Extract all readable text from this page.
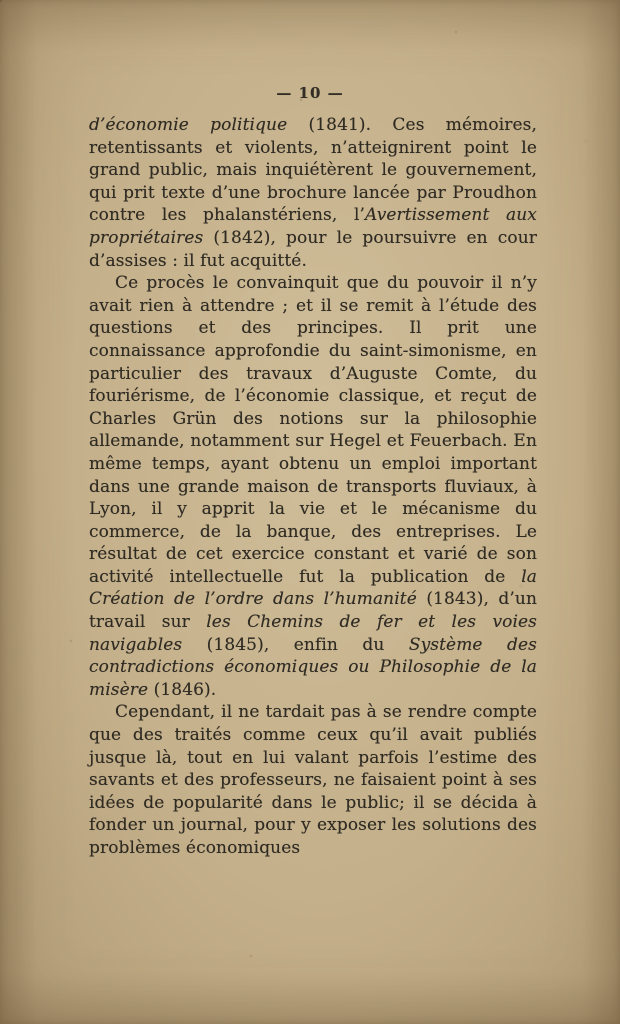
— 10 —

d’économie politique (1841). Ces mémoires, retentissants et violents, n’atteignirent point le grand public, mais inquiétèrent le gouvernement, qui prit texte d’une brochure lancée par Proudhon contre les phalanstériens, l’Avertissement aux propriétaires (1842), pour le poursuivre en cour d’assises : il fut acquitté.

Ce procès le convainquit que du pouvoir il n’y avait rien à attendre ; et il se remit à l’étude des questions et des principes. Il prit une connaissance approfondie du saint-simonisme, en particulier des travaux d’Auguste Comte, du fouriérisme, de l’économie classique, et reçut de Charles Grün des notions sur la philosophie allemande, notamment sur Hegel et Feuerbach. En même temps, ayant obtenu un emploi important dans une grande maison de transports fluviaux, à Lyon, il y apprit la vie et le mécanisme du commerce, de la banque, des entreprises. Le résultat de cet exercice constant et varié de son activité intellectuelle fut la publication de la Création de l’ordre dans l’humanité (1843), d’un travail sur les Chemins de fer et les voies navigables (1845), enfin du Système des contradictions économiques ou Philosophie de la misère (1846).

Cependant, il ne tardait pas à se rendre compte que des traités comme ceux qu’il avait publiés jusque là, tout en lui valant parfois l’estime des savants et des professeurs, ne faisaient point à ses idées de popularité dans le public; il se décida à fonder un journal, pour y exposer les solutions des problèmes économiques
